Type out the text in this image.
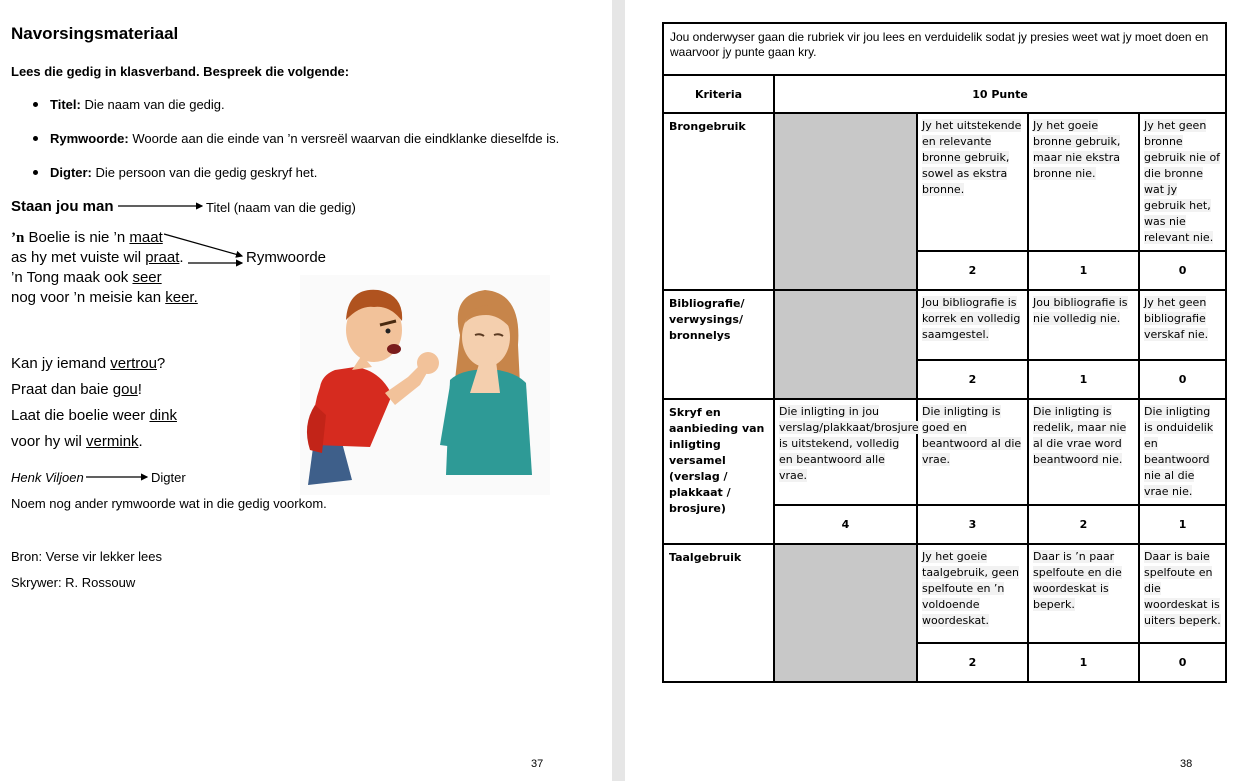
Navorsingsmateriaal
Lees die gedig in klasverband. Bespreek die volgende:
Titel: Die naam van die gedig.
Rymwoorde: Woorde aan die einde van ’n versreël waarvan die eindklanke dieselfde is.
Digter: Die persoon van die gedig geskryf het.
Staan jou man	Titel (naam van die gedig)
’n Boelie is nie ’n maat
as hy met vuiste wil praat.
’n Tong maak ook seer
nog voor ’n meisie kan keer.
Rymwoorde
Kan jy iemand vertrou?
Praat dan baie gou!
Laat die boelie weer dink
voor hy wil vermink.
Henk Viljoen	Digter
Noem nog ander rymwoorde wat in die gedig voorkom.
Bron: Verse vir lekker lees
Skrywer: R. Rossouw
37
Jou onderwyser gaan die rubriek vir jou lees en verduidelik sodat jy presies weet wat jy moet doen en waarvoor jy punte gaan kry.				
Kriteria	10 Punte			
Brongebruik		Jy het uitstekende en relevante bronne gebruik, sowel as ekstra bronne.	Jy het goeie bronne gebruik, maar nie ekstra bronne nie.	Jy het geen bronne gebruik nie of die bronne wat jy gebruik het, was nie relevant nie.
		2	1	0
Bibliografie/ verwysings/ bronnelys		Jou bibliografie is korrek en volledig saamgestel.	Jou bibliografie is nie volledig nie.	Jy het geen bibliografie verskaf nie.
		2	1	0
Skryf en aanbieding van inligting versamel (verslag / plakkaat / brosjure)	Die inligting in jou verslag/plakkaat/brosjure is uitstekend, volledig en beantwoord alle vrae.	Die inligting is goed en beantwoord al die vrae.	Die inligting is redelik, maar nie al die vrae word beantwoord nie.	Die inligting is onduidelik en beantwoord nie al die vrae nie.
	4	3	2	1
Taalgebruik		Jy het goeie taalgebruik, geen spelfoute en ’n voldoende woordeskat.	Daar is ’n paar spelfoute en die woordeskat is beperk.	Daar is baie spelfoute en die woordeskat is uiters beperk.
		2	1	0
38
